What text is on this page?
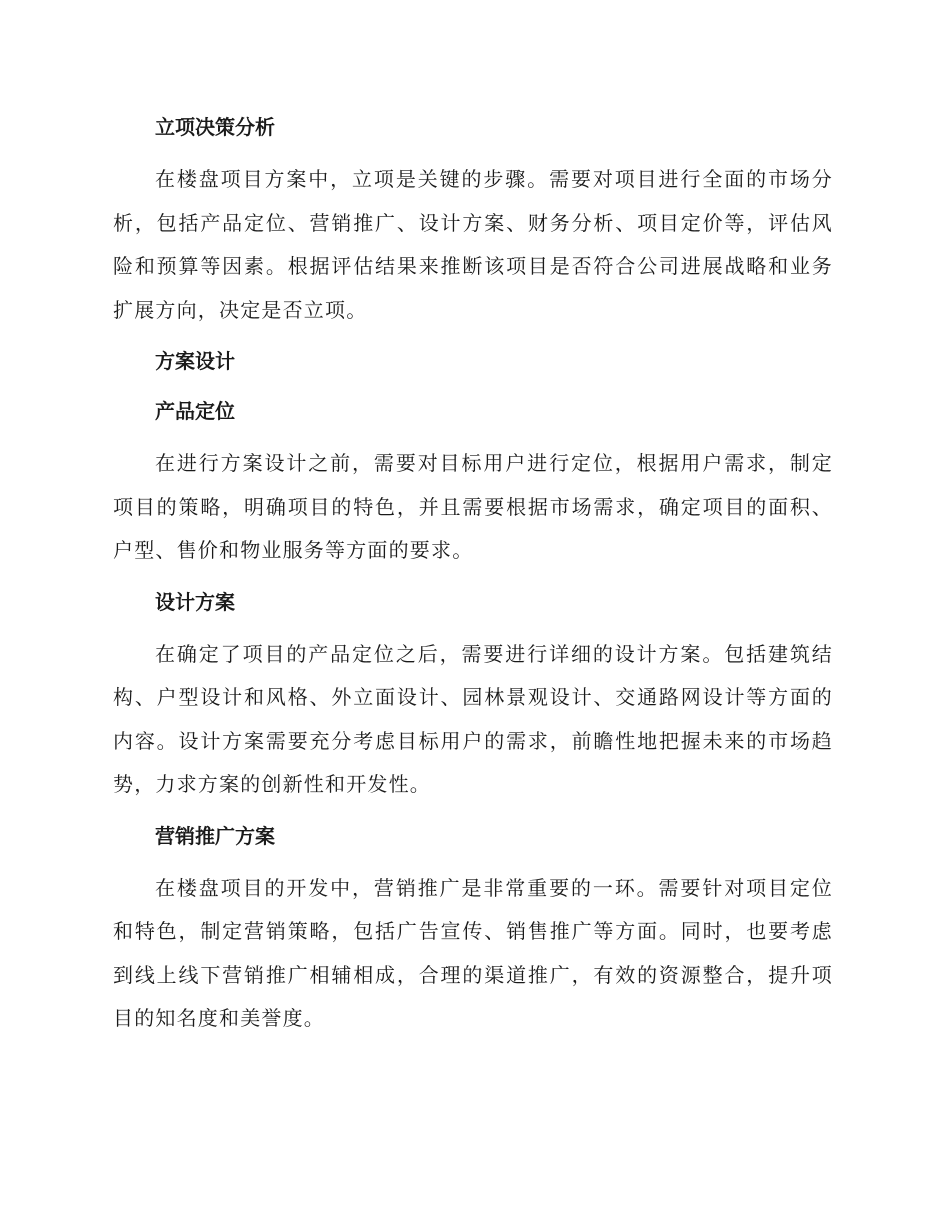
立项决策分析

在楼盘项目方案中，立项是关键的步骤。需要对项目进行全面的市场分析，包括产品定位、营销推广、设计方案、财务分析、项目定价等，评估风险和预算等因素。根据评估结果来推断该项目是否符合公司进展战略和业务扩展方向，决定是否立项。

方案设计
产品定位

在进行方案设计之前，需要对目标用户进行定位，根据用户需求，制定项目的策略，明确项目的特色，并且需要根据市场需求，确定项目的面积、户型、售价和物业服务等方面的要求。

设计方案

在确定了项目的产品定位之后，需要进行详细的设计方案。包括建筑结构、户型设计和风格、外立面设计、园林景观设计、交通路网设计等方面的内容。设计方案需要充分考虑目标用户的需求，前瞻性地把握未来的市场趋势，力求方案的创新性和开发性。

营销推广方案

在楼盘项目的开发中，营销推广是非常重要的一环。需要针对项目定位和特色，制定营销策略，包括广告宣传、销售推广等方面。同时，也要考虑到线上线下营销推广相辅相成，合理的渠道推广，有效的资源整合，提升项目的知名度和美誉度。
